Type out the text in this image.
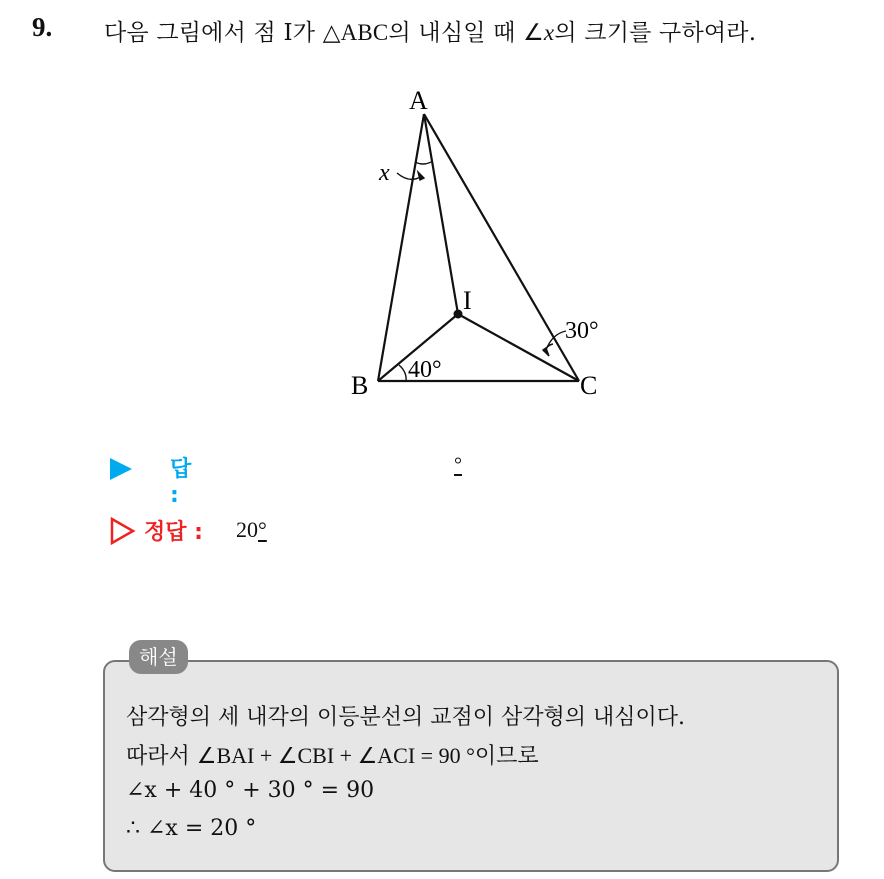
9. 다음 그림에서 점 I가 △ABC의 내심일 때 ∠x의 크기를 구하여라.
A
B	C
I
x
40°
30°
답 :
°
정답 : 20°
해설
삼각형의 세 내각의 이등분선의 교점이 삼각형의 내심이다.
따라서 ∠BAI + ∠CBI + ∠ACI = 90 °이므로
∠x + 40 ° + 30 ° = 90
∴ ∠x = 20 °
